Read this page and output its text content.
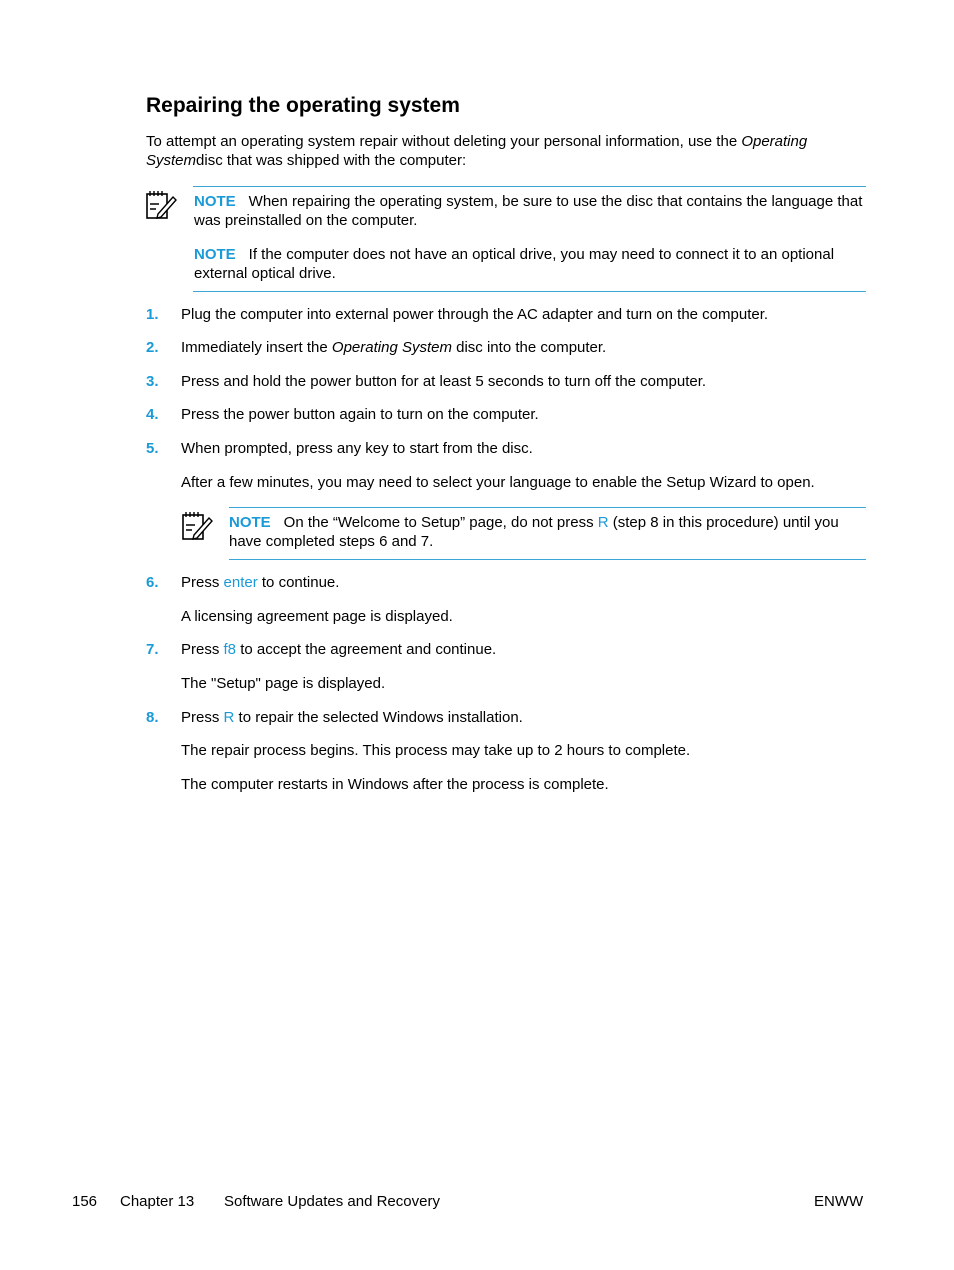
Repairing the operating system

To attempt an operating system repair without deleting your personal information, use the Operating Systemdisc that was shipped with the computer:

NOTE When repairing the operating system, be sure to use the disc that contains the language that was preinstalled on the computer.

NOTE If the computer does not have an optical drive, you may need to connect it to an optional external optical drive.

1. Plug the computer into external power through the AC adapter and turn on the computer.
2. Immediately insert the Operating System disc into the computer.
3. Press and hold the power button for at least 5 seconds to turn off the computer.
4. Press the power button again to turn on the computer.
5. When prompted, press any key to start from the disc.
After a few minutes, you may need to select your language to enable the Setup Wizard to open.

NOTE On the “Welcome to Setup” page, do not press R (step 8 in this procedure) until you have completed steps 6 and 7.

6. Press enter to continue.
A licensing agreement page is displayed.
7. Press f8 to accept the agreement and continue.
The "Setup" page is displayed.
8. Press R to repair the selected Windows installation.
The repair process begins. This process may take up to 2 hours to complete.
The computer restarts in Windows after the process is complete.
156 Chapter 13 Software Updates and Recovery	ENWW
